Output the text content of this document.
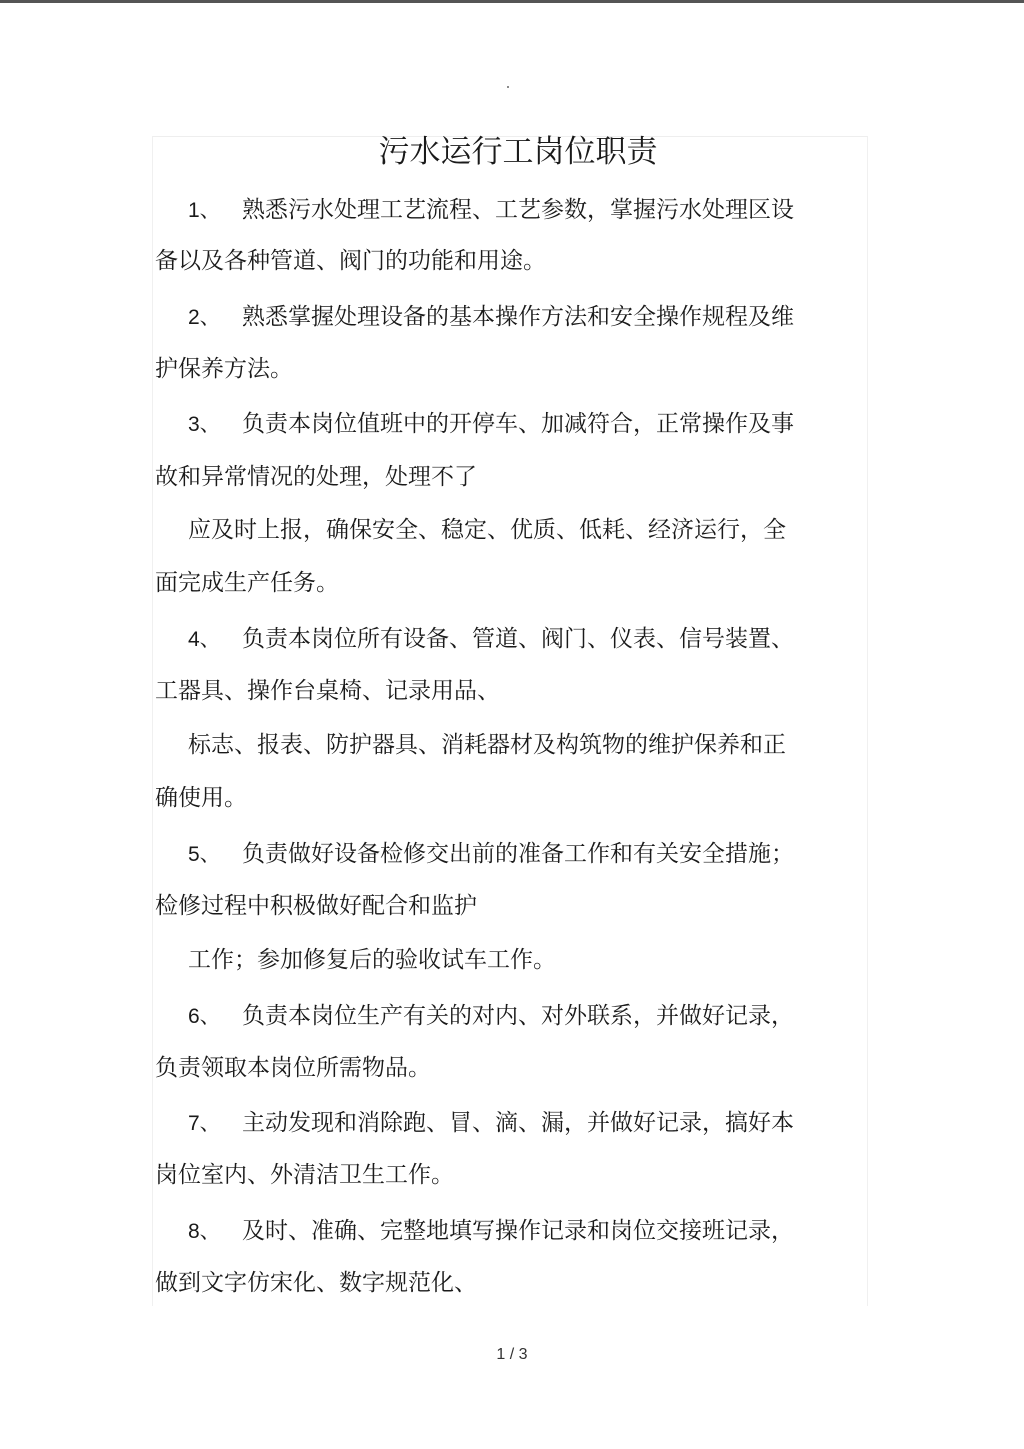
污水运行工岗位职责

1、 熟悉污水处理工艺流程、工艺参数，掌握污水处理区设

备以及各种管道、阀门的功能和用途。

2、 熟悉掌握处理设备的基本操作方法和安全操作规程及维

护保养方法。

3、 负责本岗位值班中的开停车、加减符合，正常操作及事

故和异常情况的处理，处理不了

应及时上报，确保安全、稳定、优质、低耗、经济运行，全

面完成生产任务。

4、 负责本岗位所有设备、管道、阀门、仪表、信号装置、

工器具、操作台桌椅、记录用品、

标志、报表、防护器具、消耗器材及构筑物的维护保养和正

确使用。

5、 负责做好设备检修交出前的准备工作和有关安全措施；

检修过程中积极做好配合和监护

工作；参加修复后的验收试车工作。

6、 负责本岗位生产有关的对内、对外联系，并做好记录，

负责领取本岗位所需物品。

7、 主动发现和消除跑、冒、滴、漏，并做好记录，搞好本

岗位室内、外清洁卫生工作。

8、 及时、准确、完整地填写操作记录和岗位交接班记录，

做到文字仿宋化、数字规范化、

1 / 3
